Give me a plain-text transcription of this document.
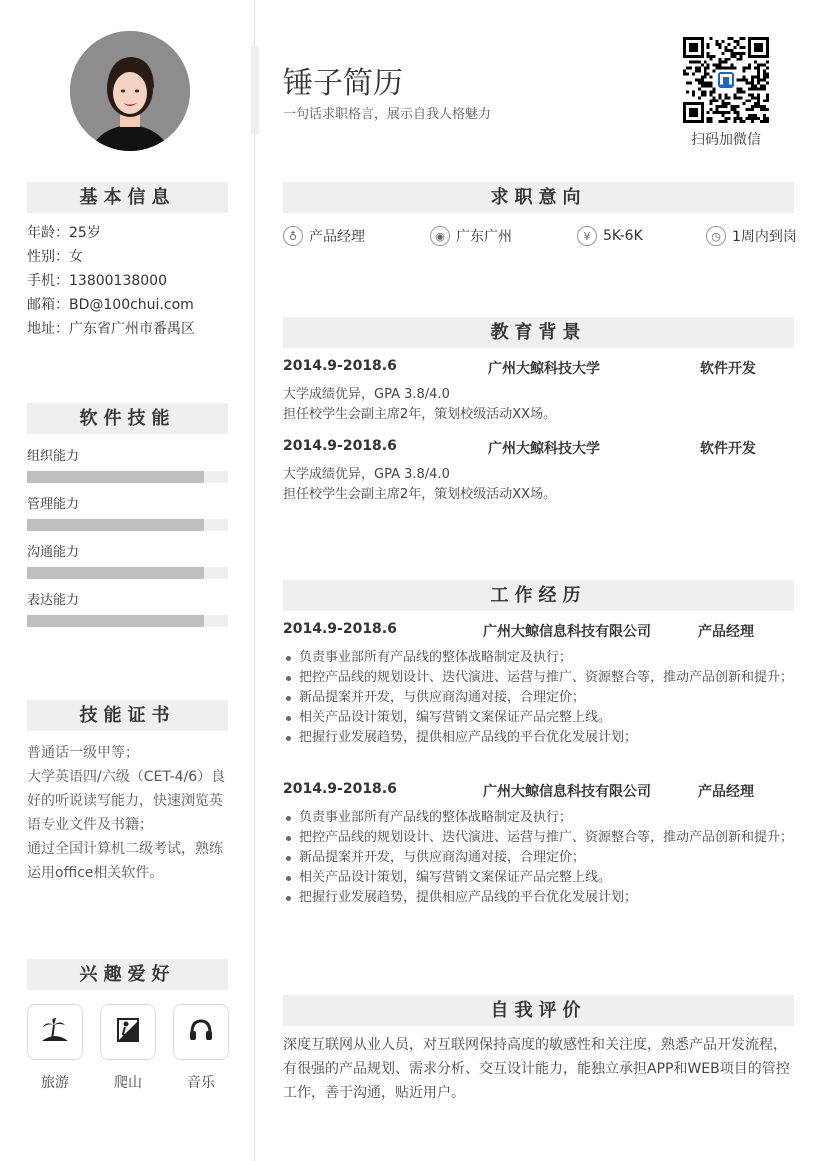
基本信息
年龄：25岁
性别：女
手机：13800138000
邮箱：BD@100chui.com
地址：广东省广州市番禺区
软件技能
组织能力
管理能力
沟通能力
表达能力
技能证书
普通话一级甲等；
大学英语四/六级（CET-4/6）良好的听说读写能力，快速浏览英语专业文件及书籍；
通过全国计算机二级考试，熟练运用office相关软件。
兴趣爱好
旅游	爬山	音乐
锤子简历
一句话求职格言，展示自我人格魅力
扫码加微信
求职意向
♁ 产品经理	◉ 广东广州	¥ 5K-6K	◷ 1周内到岗
教育背景
2014.9-2018.6	广州大鲸科技大学	软件开发
大学成绩优异，GPA 3.8/4.0
担任校学生会副主席2年，策划校级活动XX场。
2014.9-2018.6	广州大鲸科技大学	软件开发
大学成绩优异，GPA 3.8/4.0
担任校学生会副主席2年，策划校级活动XX场。
工作经历
2014.9-2018.6	广州大鲸信息科技有限公司	产品经理
负责事业部所有产品线的整体战略制定及执行；
把控产品线的规划设计、迭代演进、运营与推广、资源整合等，推动产品创新和提升；
新品提案并开发，与供应商沟通对接，合理定价；
相关产品设计策划，编写营销文案保证产品完整上线。
把握行业发展趋势，提供相应产品线的平台优化发展计划；
2014.9-2018.6	广州大鲸信息科技有限公司	产品经理
负责事业部所有产品线的整体战略制定及执行；
把控产品线的规划设计、迭代演进、运营与推广、资源整合等，推动产品创新和提升；
新品提案并开发，与供应商沟通对接，合理定价；
相关产品设计策划，编写营销文案保证产品完整上线。
把握行业发展趋势，提供相应产品线的平台优化发展计划；
自我评价
深度互联网从业人员，对互联网保持高度的敏感性和关注度，熟悉产品开发流程，有很强的产品规划、需求分析、交互设计能力，能独立承担APP和WEB项目的管控工作，善于沟通，贴近用户。
